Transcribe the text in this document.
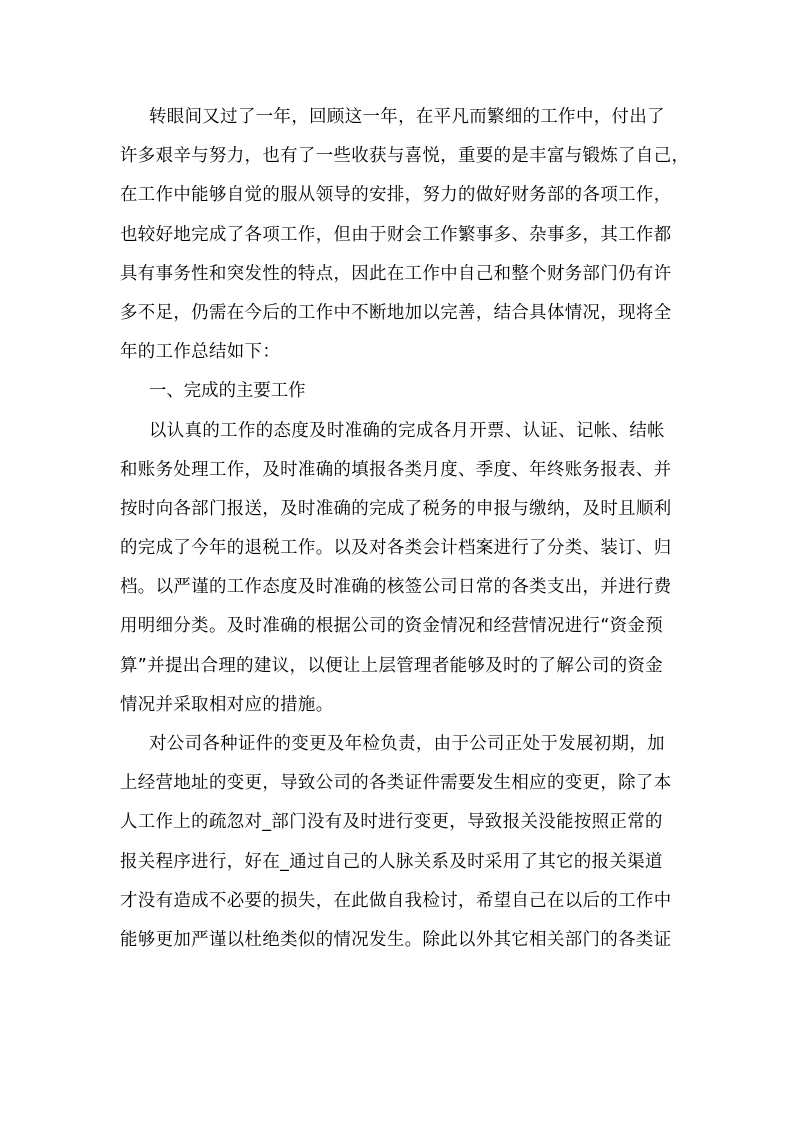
转眼间又过了一年，回顾这一年，在平凡而繁细的工作中，付出了
许多艰辛与努力，也有了一些收获与喜悦，重要的是丰富与锻炼了自己，
在工作中能够自觉的服从领导的安排，努力的做好财务部的各项工作，
也较好地完成了各项工作，但由于财会工作繁事多、杂事多，其工作都
具有事务性和突发性的特点，因此在工作中自己和整个财务部门仍有许
多不足，仍需在今后的工作中不断地加以完善，结合具体情况，现将全
年的工作总结如下：
一、完成的主要工作
以认真的工作的态度及时准确的完成各月开票、认证、记帐、结帐
和账务处理工作，及时准确的填报各类月度、季度、年终账务报表、并
按时向各部门报送，及时准确的完成了税务的申报与缴纳，及时且顺利
的完成了今年的退税工作。以及对各类会计档案进行了分类、装订、归
档。以严谨的工作态度及时准确的核签公司日常的各类支出，并进行费
用明细分类。及时准确的根据公司的资金情况和经营情况进行“资金预
算”并提出合理的建议，以便让上层管理者能够及时的了解公司的资金
情况并采取相对应的措施。
对公司各种证件的变更及年检负责，由于公司正处于发展初期，加
上经营地址的变更，导致公司的各类证件需要发生相应的变更，除了本
人工作上的疏忽对_部门没有及时进行变更，导致报关没能按照正常的
报关程序进行，好在_通过自己的人脉关系及时采用了其它的报关渠道
才没有造成不必要的损失，在此做自我检讨，希望自己在以后的工作中
能够更加严谨以杜绝类似的情况发生。除此以外其它相关部门的各类证
